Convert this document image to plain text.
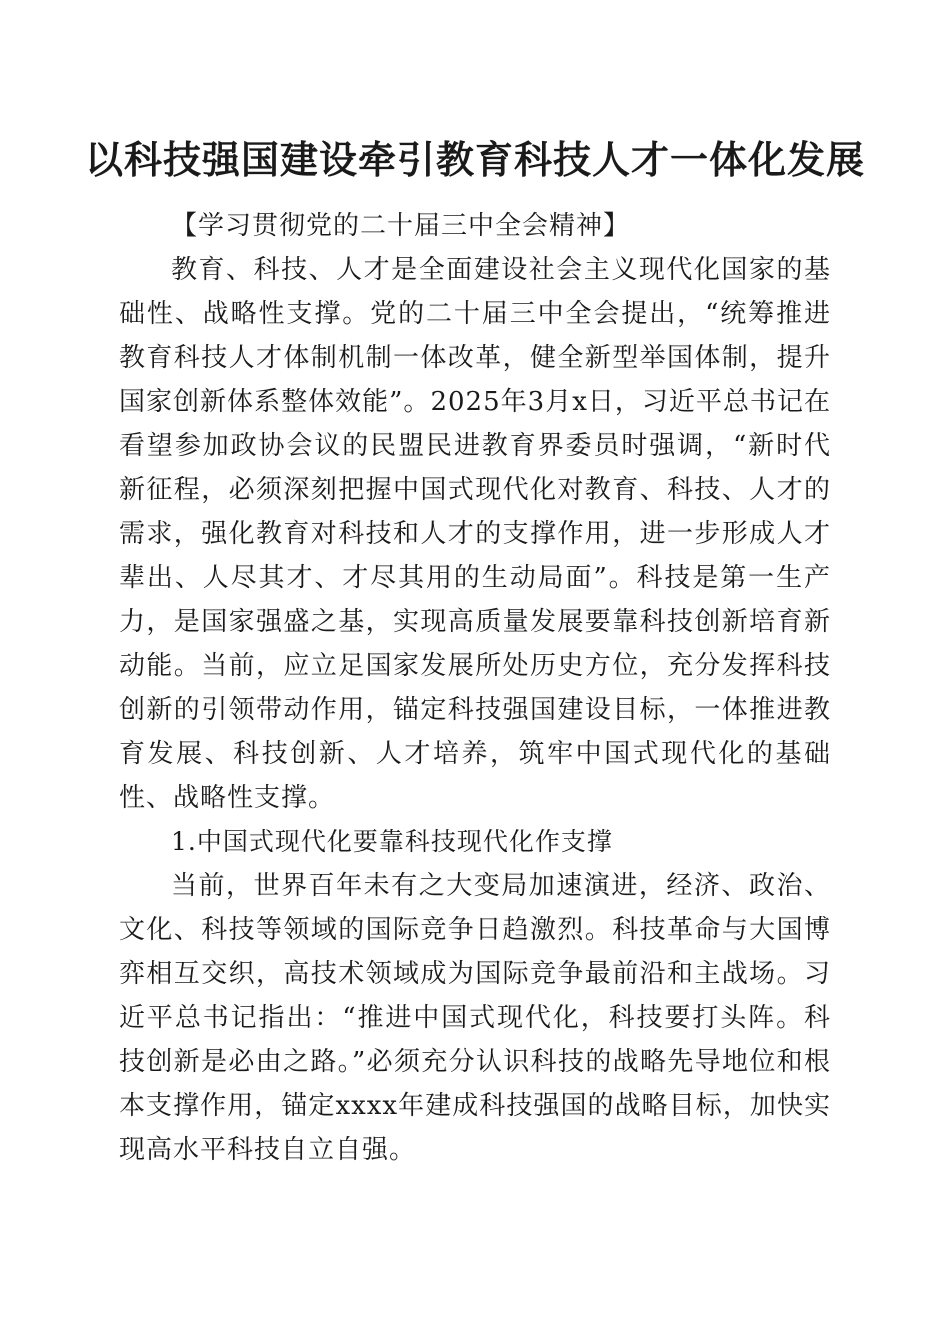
以科技强国建设牵引教育科技人才一体化发展

【学习贯彻党的二十届三中全会精神】

教育、科技、人才是全面建设社会主义现代化国家的基础性、战略性支撑。党的二十届三中全会提出，“统筹推进教育科技人才体制机制一体改革，健全新型举国体制，提升国家创新体系整体效能”。2025年3月x日，习近平总书记在看望参加政协会议的民盟民进教育界委员时强调，“新时代新征程，必须深刻把握中国式现代化对教育、科技、人才的需求，强化教育对科技和人才的支撑作用，进一步形成人才辈出、人尽其才、才尽其用的生动局面”。科技是第一生产力，是国家强盛之基，实现高质量发展要靠科技创新培育新动能。当前，应立足国家发展所处历史方位，充分发挥科技创新的引领带动作用，锚定科技强国建设目标，一体推进教育发展、科技创新、人才培养，筑牢中国式现代化的基础性、战略性支撑。

1.中国式现代化要靠科技现代化作支撑

当前，世界百年未有之大变局加速演进，经济、政治、文化、科技等领域的国际竞争日趋激烈。科技革命与大国博弈相互交织，高技术领域成为国际竞争最前沿和主战场。习近平总书记指出：“推进中国式现代化，科技要打头阵。科技创新是必由之路。”必须充分认识科技的战略先导地位和根本支撑作用，锚定xxxx年建成科技强国的战略目标，加快实现高水平科技自立自强。
